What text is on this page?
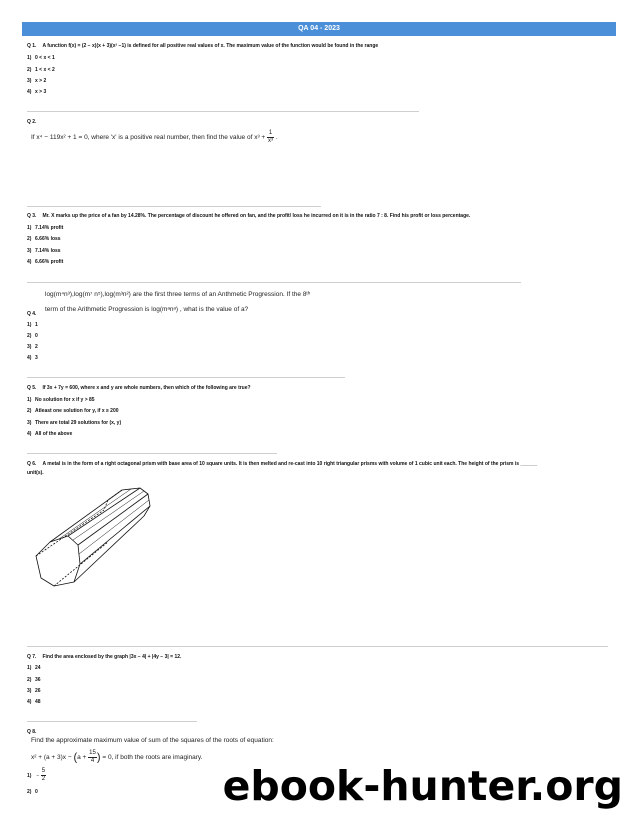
QA 04 - 2023
Q 1. A function f(x) = (2 − x)(x + 3)(x² −1) is defined for all positive real values of x. The maximum value of the function would be found in the range
1) 0 < x < 1
2) 1 < x < 2
3) x > 2
4) x > 3
Q 2.
If x⁴ − 119x² + 1 = 0, where 'x' is a positive real number, then find the value of $x^3 + \frac{1}{\text{x³}}$ .
Q 3. Mr. X marks up the price of a fan by 14.28%. The percentage of discount he offered on fan, and the profit/ loss he incurred on it is in the ratio 7 : 8. Find his profit or loss percentage.
1) 7.14% profit
2) 6.66% loss
3) 7.14% loss
4) 6.66% profit
log(m⁴n³),log(m⁷ n⁵),log(m³n²) are the first three terms of an Anthmetic Progression. If the 8ᵗʰ
Q 4.
term of the Arithmetic Progression is log(mᵃnᵃ) , what is the value of a?
1) 1
2) 0
3) 2
4) 3
Q 5. If 3x + 7y = 600, where x and y are whole numbers, then which of the following are true?
1) No solution for x if y > 85
2) Atleast one solution for y, if x ≥ 200
3) There are total 29 solutions for (x, y)
4) All of the above
Q 6. A metal is in the form of a right octagonal prism with base area of 10 square units. It is then melted and re-cast into 10 right triangular prisms with volume of 1 cubic unit each. The height of the prism is ______
unit(s).
Q 7. Find the area enclosed by the graph |3x − 4| + |4y − 3| = 12.
1) 24
2) 36
3) 26
4) 48
Q 8.
Find the approximate maximum value of sum of the squares of the roots of equation:
$x^2 + (a + 3)x - (a + \frac{15}{4}$ ) = 0, if both the roots are imaginary.
$1) - \frac{5}{2}$
2) 0	ebook-hunter.org
